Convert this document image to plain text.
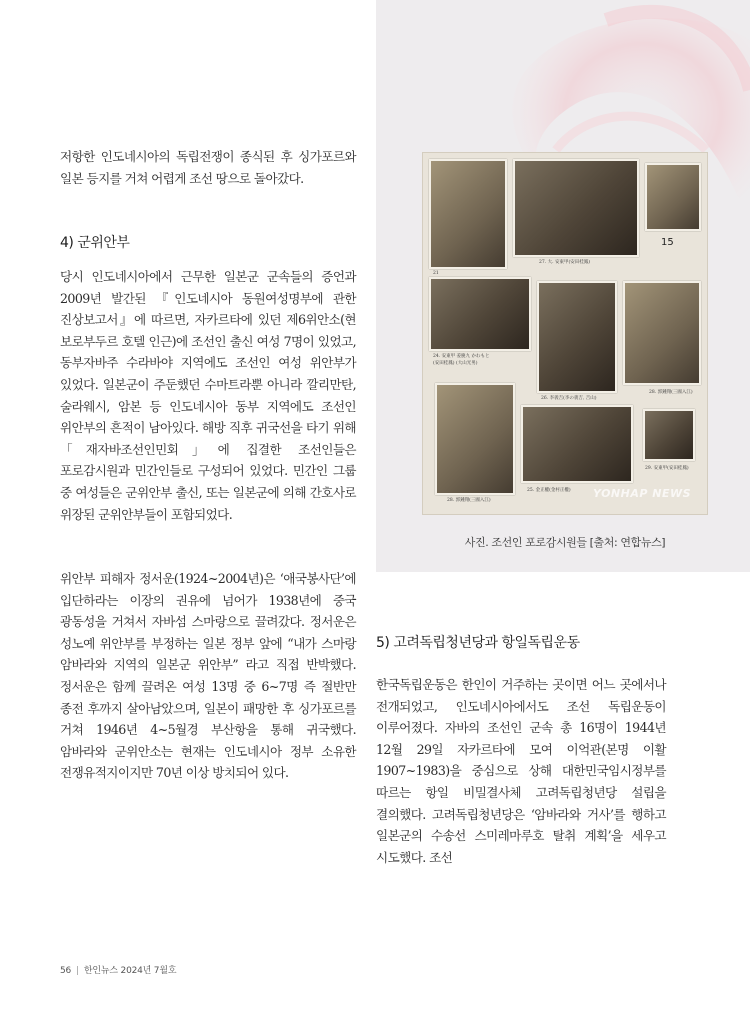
저항한 인도네시아의 독립전쟁이 종식된 후 싱가포르와 일본 등지를 거쳐 어렵게 조선 땅으로 돌아갔다.

4) 군위안부

당시 인도네시아에서 근무한 일본군 군속들의 증언과 2009년 발간된 『인도네시아 동원여성명부에 관한 진상보고서』에 따르면, 자카르타에 있던 제6위안소(현 보로부두르 호텔 인근)에 조선인 출신 여성 7명이 있었고, 동부자바주 수라바야 지역에도 조선인 여성 위안부가 있었다. 일본군이 주둔했던 수마트라뿐 아니라 깔리만탄, 술라웨시, 암본 등 인도네시아 동부 지역에도 조선인 위안부의 흔적이 남아있다. 해방 직후 귀국선을 타기 위해 「재자바조선인민회」에 집결한 조선인들은 포로감시원과 민간인들로 구성되어 있었다. 민간인 그룹 중 여성들은 군위안부 출신, 또는 일본군에 의해 간호사로 위장된 군위안부들이 포함되었다.

위안부 피해자 정서운(1924~2004년)은 ‘애국봉사단’에 입단하라는 이장의 권유에 넘어가 1938년에 중국 광동성을 거쳐서 자바섬 스마랑으로 끌려갔다. 정서운은 성노예 위안부를 부정하는 일본 정부 앞에 “내가 스마랑 암바라와 지역의 일본군 위안부” 라고 직접 반박했다. 정서운은 함께 끌려온 여성 13명 중 6~7명 즉 절반만 종전 후까지 살아남았으며, 일본이 패망한 후 싱가포르를 거쳐 1946년 4~5월경 부산항을 통해 귀국했다. 암바라와 군위안소는 현재는 인도네시아 정부 소유한 전쟁유적지이지만 70년 이상 방치되어 있다.

15
21
27. 大. 安東甲(安田桂鳳)
24. 安東甲 姜慶九 かわもと
(安田桂鳳) (大山光男)
26. 李義吉(李の義吉, 吉山)
28. 郭鍾翔(三國入江)
25. 金正權(金村正權)
29. 安東甲(安田桂鳳)
28. 郭鍾翔(三國入江)
YONHAP NEWS

사진. 조선인 포로감시원들 [출처: 연합뉴스]

5) 고려독립청년당과 항일독립운동

한국독립운동은 한인이 거주하는 곳이면 어느 곳에서나 전개되었고, 인도네시아에서도 조선 독립운동이 이루어졌다. 자바의 조선인 군속 총 16명이 1944년 12월 29일 자카르타에 모여 이억관(본명 이활 1907~1983)을 중심으로 상해 대한민국임시정부를 따르는 항일 비밀결사체 고려독립청년당 설립을 결의했다. 고려독립청년당은 ‘암바라와 거사’를 행하고 일본군의 수송선 스미레마루호 탈취 계획’을 세우고 시도했다. 조선

56 | 한인뉴스 2024년 7월호
